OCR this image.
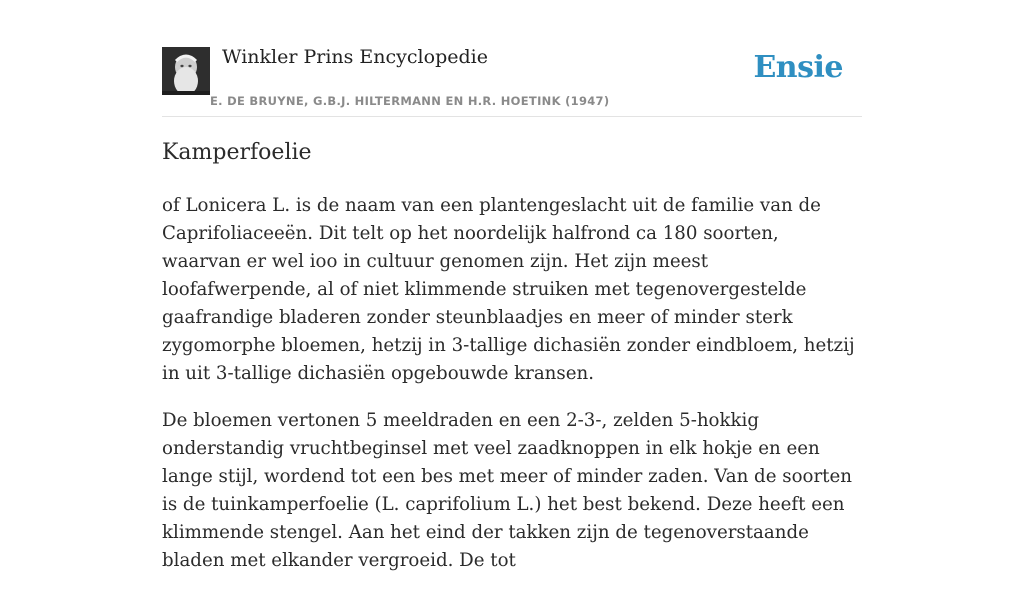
Winkler Prins Encyclopedie
E. DE BRUYNE, G.B.J. HILTERMANN EN H.R. HOETINK (1947)
Ensie
Kamperfoelie

of Lonicera L. is de naam van een plantengeslacht uit de familie van de Caprifoliaceeën. Dit telt op het noordelijk halfrond ca 180 soorten, waarvan er wel ioo in cultuur genomen zijn. Het zijn meest loofafwerpende, al of niet klimmende struiken met tegenovergestelde gaafrandige bladeren zonder steunblaadjes en meer of minder sterk zygomorphe bloemen, hetzij in 3-tallige dichasiën zonder eindbloem, hetzij in uit 3-tallige dichasiën opgebouwde kransen.

De bloemen vertonen 5 meeldraden en een 2-3-, zelden 5-hokkig onderstandig vruchtbeginsel met veel zaadknoppen in elk hokje en een lange stijl, wordend tot een bes met meer of minder zaden. Van de soorten is de tuinkamperfoelie (L. caprifolium L.) het best bekend. Deze heeft een klimmende stengel. Aan het eind der takken zijn de tegenoverstaande bladen met elkander vergroeid. De tot
